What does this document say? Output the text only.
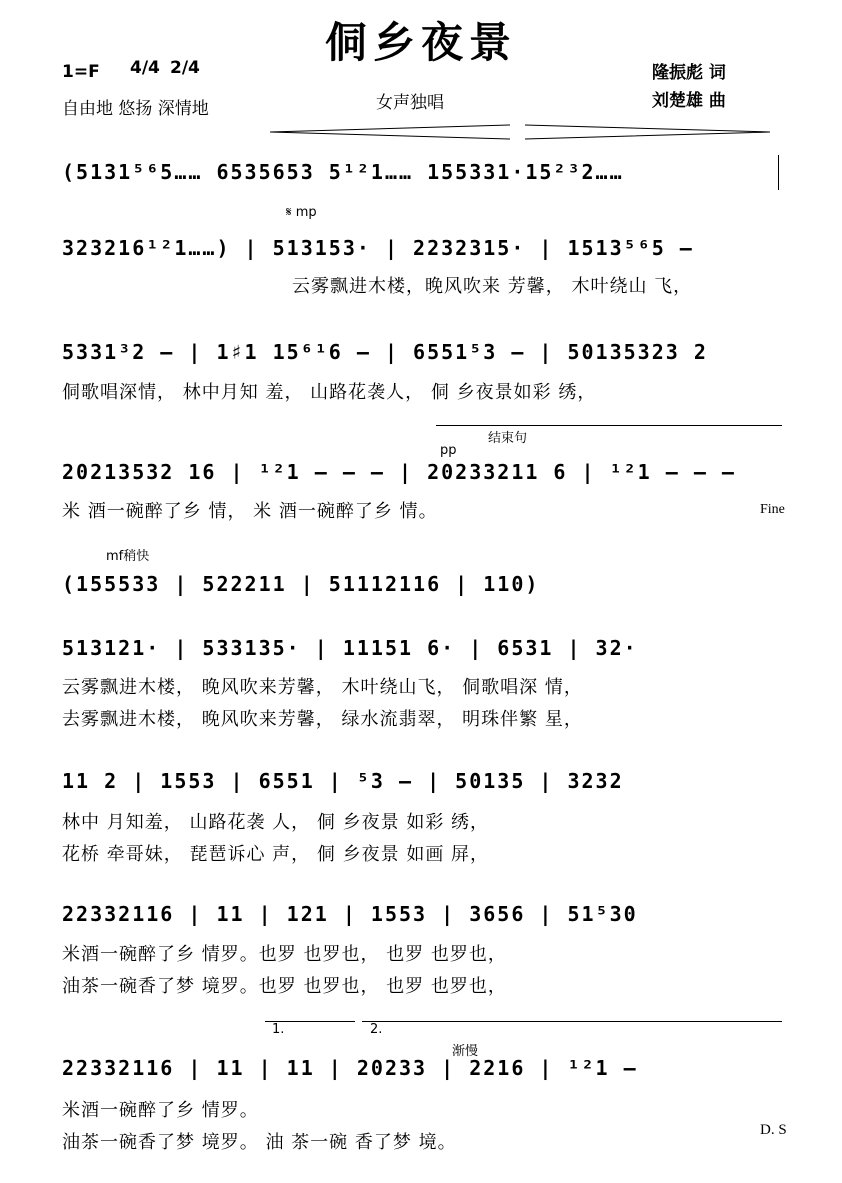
侗乡夜景
1=F 4/4 2/4
自由地 悠扬 深情地	女声独唱
隆振彪 词
刘楚雄 曲
(5131⁵⁶5…… 6535653 5¹²1…… 155331·15²³2……
𝄋 mp
323216¹²1……) | 513153· | 2232315· | 1513⁵⁶5 –
云雾飘进木楼，晚风吹来 芳馨， 木叶绕山 飞，
5331³2 – | 1♯1 15⁶¹6 – | 6551⁵3 – | 50135323 2
侗歌唱深情， 林中月知 羞， 山路花袭人， 侗 乡夜景如彩 绣，
结束句
pp
20213532 16 | ¹²1 – – – | 20233211 6 | ¹²1 – – –
米 酒一碗醉了乡 情， 米 酒一碗醉了乡 情。	Fine
mf稍快
(155533 | 522211 | 51112116 | 110)
513121· | 533135· | 11151 6· | 6531 | 32·
云雾飘进木楼， 晚风吹来芳馨， 木叶绕山飞， 侗歌唱深 情，
去雾飘进木楼， 晚风吹来芳馨， 绿水流翡翠， 明珠伴繁 星，
11 2 | 1553 | 6551 | ⁵3 – | 50135 | 3232
林中 月知羞， 山路花袭 人， 侗 乡夜景 如彩 绣，
花桥 牵哥妹， 琵琶诉心 声， 侗 乡夜景 如画 屏，
22332116 | 11 | 121 | 1553 | 3656 | 51⁵30
米酒一碗醉了乡 情罗。也罗 也罗也， 也罗 也罗也，
油茶一碗香了梦 境罗。也罗 也罗也， 也罗 也罗也，
1.	2.
渐慢
22332116 | 11 | 11 | 20233 | 2216 | ¹²1 –
米酒一碗醉了乡 情罗。
油茶一碗香了梦 境罗。 油 茶一碗 香了梦 境。
D. S
